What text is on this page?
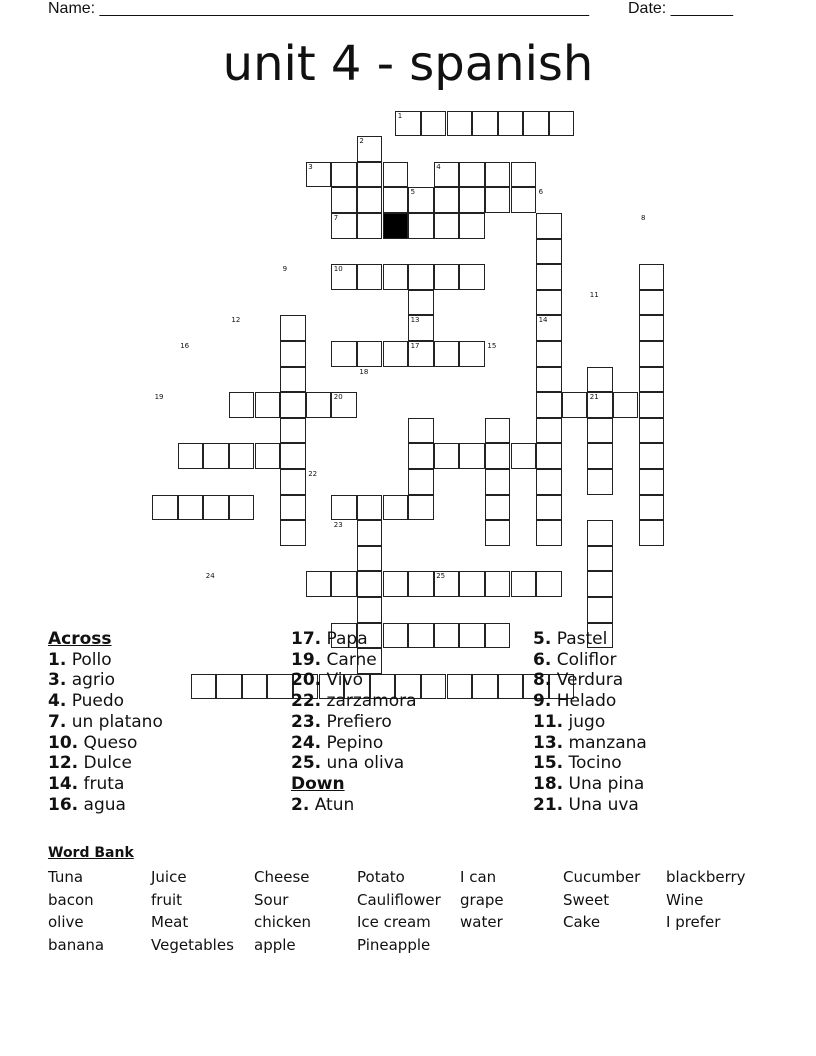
Name: _______________________________________________________ Date: _______
unit 4 - spanish
1
2
3	4
5	6
7	8
9	10
11
12	13	14
15
16	17
18
19	20	21
22
23
24	25
Across
1. Pollo
3. agrio
4. Puedo
7. un platano
10. Queso
12. Dulce
14. fruta
16. agua
17. Papa
19. Carne
20. Vivo
22. zarzamora
23. Prefiero
24. Pepino
25. una oliva
Down
2. Atun
5. Pastel
6. Coliflor
8. Verdura
9. Helado
11. jugo
13. manzana
15. Tocino
18. Una pina
21. Una uva
Word Bank
Tuna
bacon
olive
banana
Juice
fruit
Meat
Vegetables
Cheese
Sour
chicken
apple
Potato
Cauliflower
Ice cream
Pineapple
I can
grape
water
Cucumber
Sweet
Cake
blackberry
Wine
I prefer
